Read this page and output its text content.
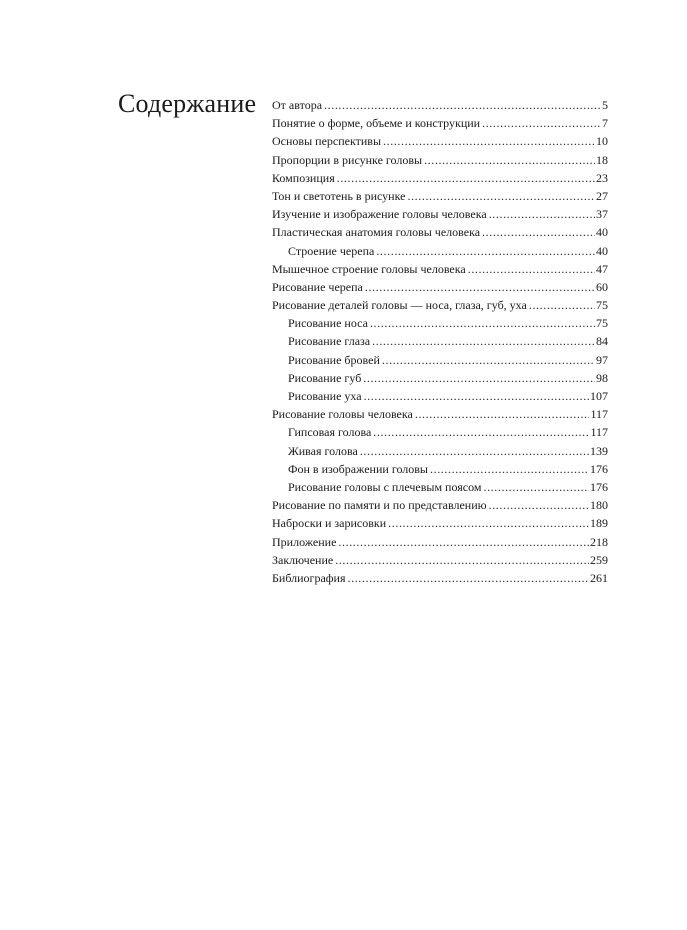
Содержание От автора .....	5
Понятие о форме, объеме и конструкции .....	7
Основы перспективы .....	10
Пропорции в рисунке головы .....	18
Композиция .....	23
Тон и светотень в рисунке .....	27
Изучение и изображение головы человека .....	37
Пластическая анатомия головы человека .....	40
Строение черепа .....	40
Мышечное строение головы человека .....	47
Рисование черепа .....	60
Рисование деталей головы — носа, глаза, губ, уха .....	75
Рисование носа .....	75
Рисование глаза .....	84
Рисование бровей .....	97
Рисование губ .....	98
Рисование уха .....	107
Рисование головы человека .....	117
Гипсовая голова .....	117
Живая голова .....	139
Фон в изображении головы .....	176
Рисование головы с плечевым поясом .....	176
Рисование по памяти и по представлению .....	180
Наброски и зарисовки .....	189
Приложение .....	218
Заключение .....	259
Библиография .....	261
